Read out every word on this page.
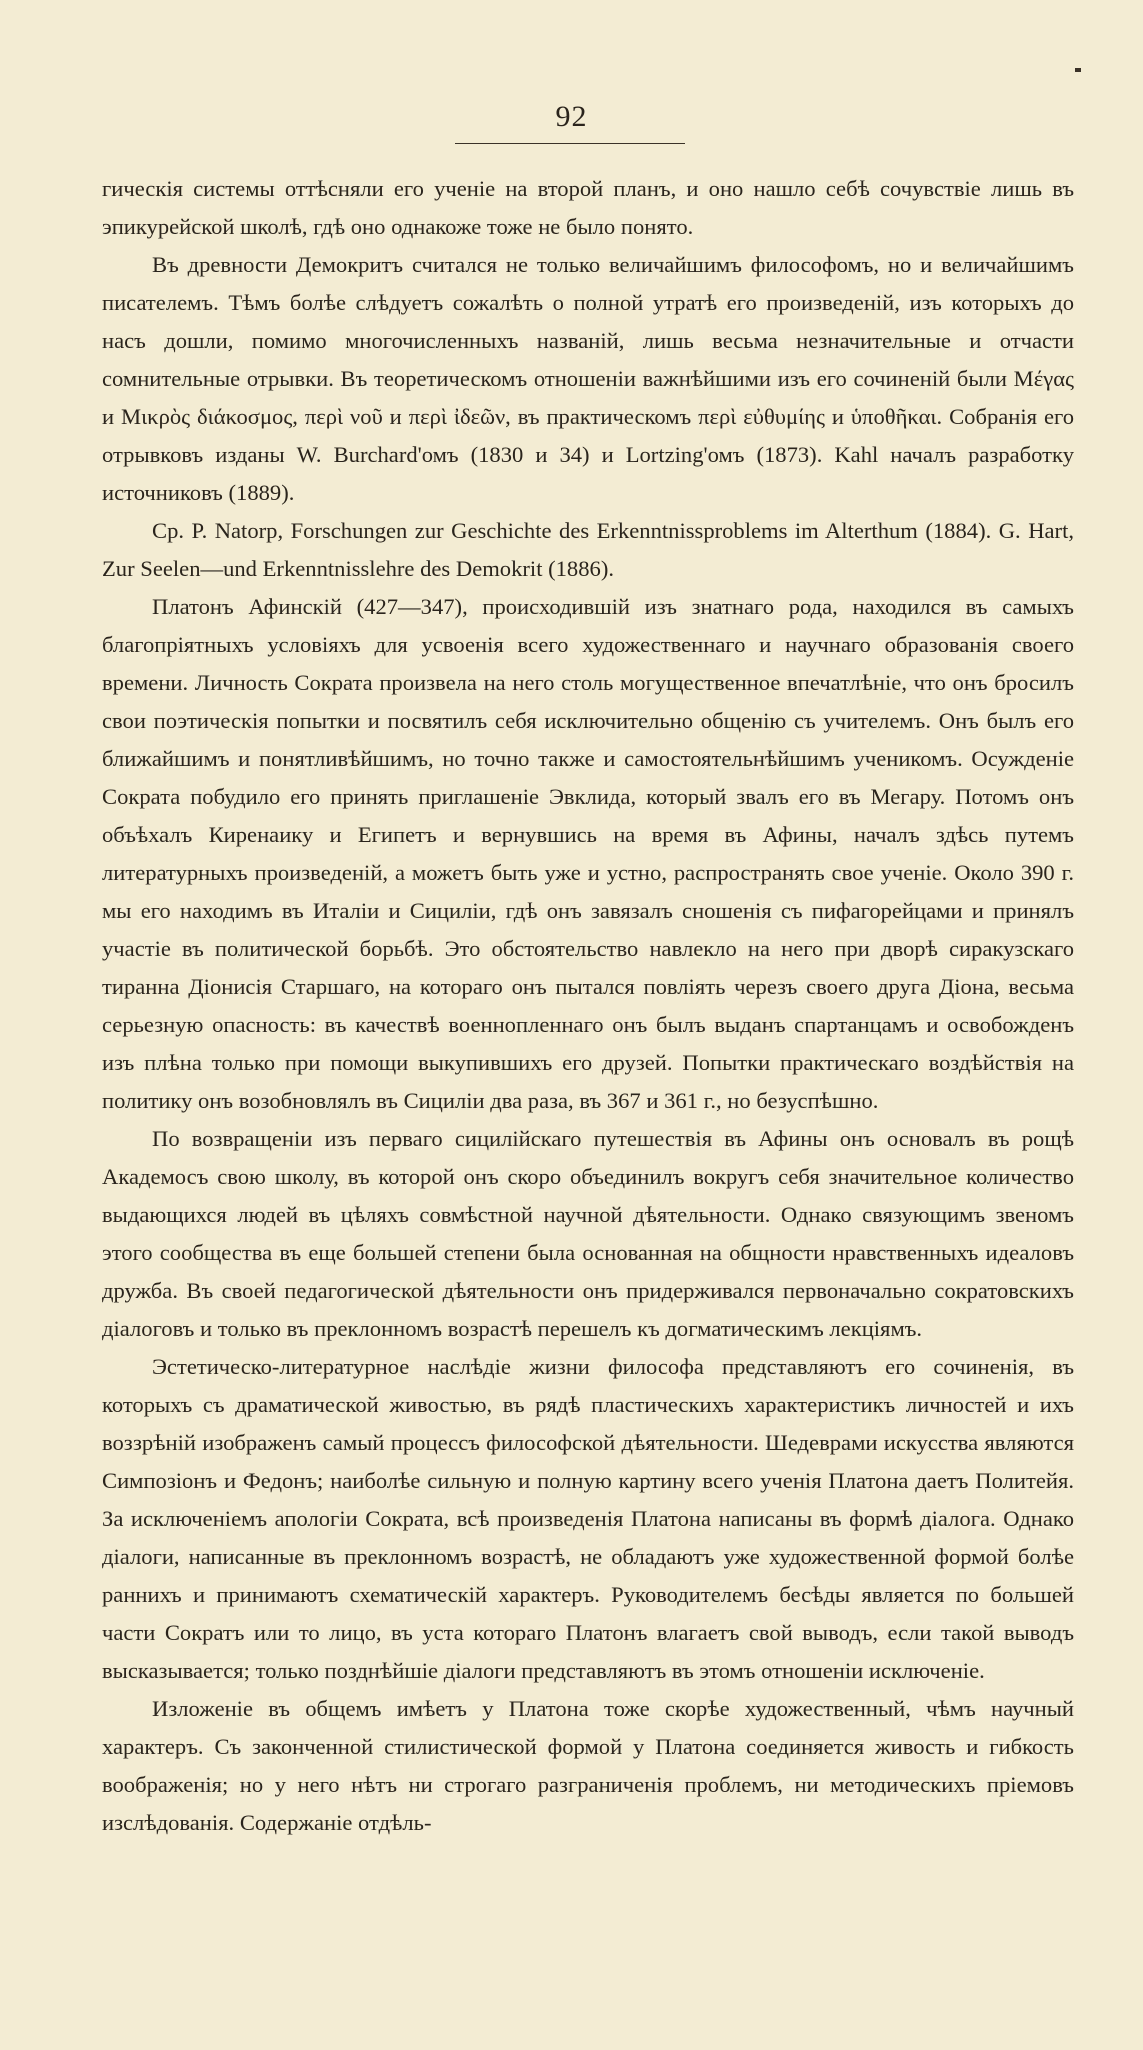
92

гическія системы оттѣсняли его ученіе на второй планъ, и оно нашло себѣ сочувствіе лишь въ эпикурейской школѣ, гдѣ оно однакоже тоже не было понято.

Въ древности Демокритъ считался не только величайшимъ философомъ, но и величайшимъ писателемъ. Тѣмъ болѣе слѣдуетъ сожалѣть о полной утратѣ его произведеній, изъ которыхъ до насъ дошли, помимо многочисленныхъ названій, лишь весьма незначительные и отчасти сомнительные отрывки. Въ теоретическомъ отношеніи важнѣйшими изъ его сочиненій были Μέγας и Μικρὸς διάκοσμος, περὶ νοῦ и περὶ ἰδεῶν, въ практическомъ περὶ εὐθυμίης и ὑποθῆκαι. Собранія его отрывковъ изданы W. Burchard'омъ (1830 и 34) и Lortzing'омъ (1873). Kahl началъ разработку источниковъ (1889).

Ср. P. Natorp, Forschungen zur Geschichte des Erkenntnissproblems im Alterthum (1884). G. Hart, Zur Seelen—und Erkenntnisslehre des Demokrit (1886).

Платонъ Афинскій (427—347), происходившій изъ знатнаго рода, находился въ самыхъ благопріятныхъ условіяхъ для усвоенія всего художественнаго и научнаго образованія своего времени. Личность Сократа произвела на него столь могущественное впечатлѣніе, что онъ бросилъ свои поэтическія попытки и посвятилъ себя исключительно общенію съ учителемъ. Онъ былъ его ближайшимъ и понятливѣйшимъ, но точно также и самостоятельнѣйшимъ ученикомъ. Осужденіе Сократа побудило его принять приглашеніе Эвклида, который звалъ его въ Мегару. Потомъ онъ объѣхалъ Киренаику и Египетъ и вернувшись на время въ Афины, началъ здѣсь путемъ литературныхъ произведеній, а можетъ быть уже и устно, распространять свое ученіе. Около 390 г. мы его находимъ въ Италіи и Сициліи, гдѣ онъ завязалъ сношенія съ пифагорейцами и принялъ участіе въ политической борьбѣ. Это обстоятельство навлекло на него при дворѣ сиракузскаго тиранна Діонисія Старшаго, на котораго онъ пытался повліять черезъ своего друга Діона, весьма серьезную опасность: въ качествѣ военнопленнаго онъ былъ выданъ спартанцамъ и освобожденъ изъ плѣна только при помощи выкупившихъ его друзей. Попытки практическаго воздѣйствія на политику онъ возобновлялъ въ Сициліи два раза, въ 367 и 361 г., но безуспѣшно.

По возвращеніи изъ перваго сицилійскаго путешествія въ Афины онъ основалъ въ рощѣ Академосъ свою школу, въ которой онъ скоро объединилъ вокругъ себя значительное количество выдающихся людей въ цѣляхъ совмѣстной научной дѣятельности. Однако связующимъ звеномъ этого сообщества въ еще большей степени была основанная на общности нравственныхъ идеаловъ дружба. Въ своей педагогической дѣятельности онъ придерживался первоначально сократовскихъ діалоговъ и только въ преклонномъ возрастѣ перешелъ къ догматическимъ лекціямъ.

Эстетическо-литературное наслѣдіе жизни философа представляютъ его сочиненія, въ которыхъ съ драматической живостью, въ рядѣ пластическихъ характеристикъ личностей и ихъ воззрѣній изображенъ самый процессъ философской дѣятельности. Шедеврами искусства являются Симпозіонъ и Федонъ; наиболѣе сильную и полную картину всего ученія Платона даетъ Политейя. За исключеніемъ апологіи Сократа, всѣ произведенія Платона написаны въ формѣ діалога. Однако діалоги, написанные въ преклонномъ возрастѣ, не обладаютъ уже художественной формой болѣе раннихъ и принимаютъ схематическій характеръ. Руководителемъ бесѣды является по большей части Сократъ или то лицо, въ уста котораго Платонъ влагаетъ свой выводъ, если такой выводъ высказывается; только позднѣйшіе діалоги представляютъ въ этомъ отношеніи исключеніе.

Изложеніе въ общемъ имѣетъ у Платона тоже скорѣе художественный, чѣмъ научный характеръ. Съ законченной стилистической формой у Платона соединяется живость и гибкость воображенія; но у него нѣтъ ни строгаго разграниченія проблемъ, ни методическихъ пріемовъ изслѣдованія. Содержаніе отдѣль-
